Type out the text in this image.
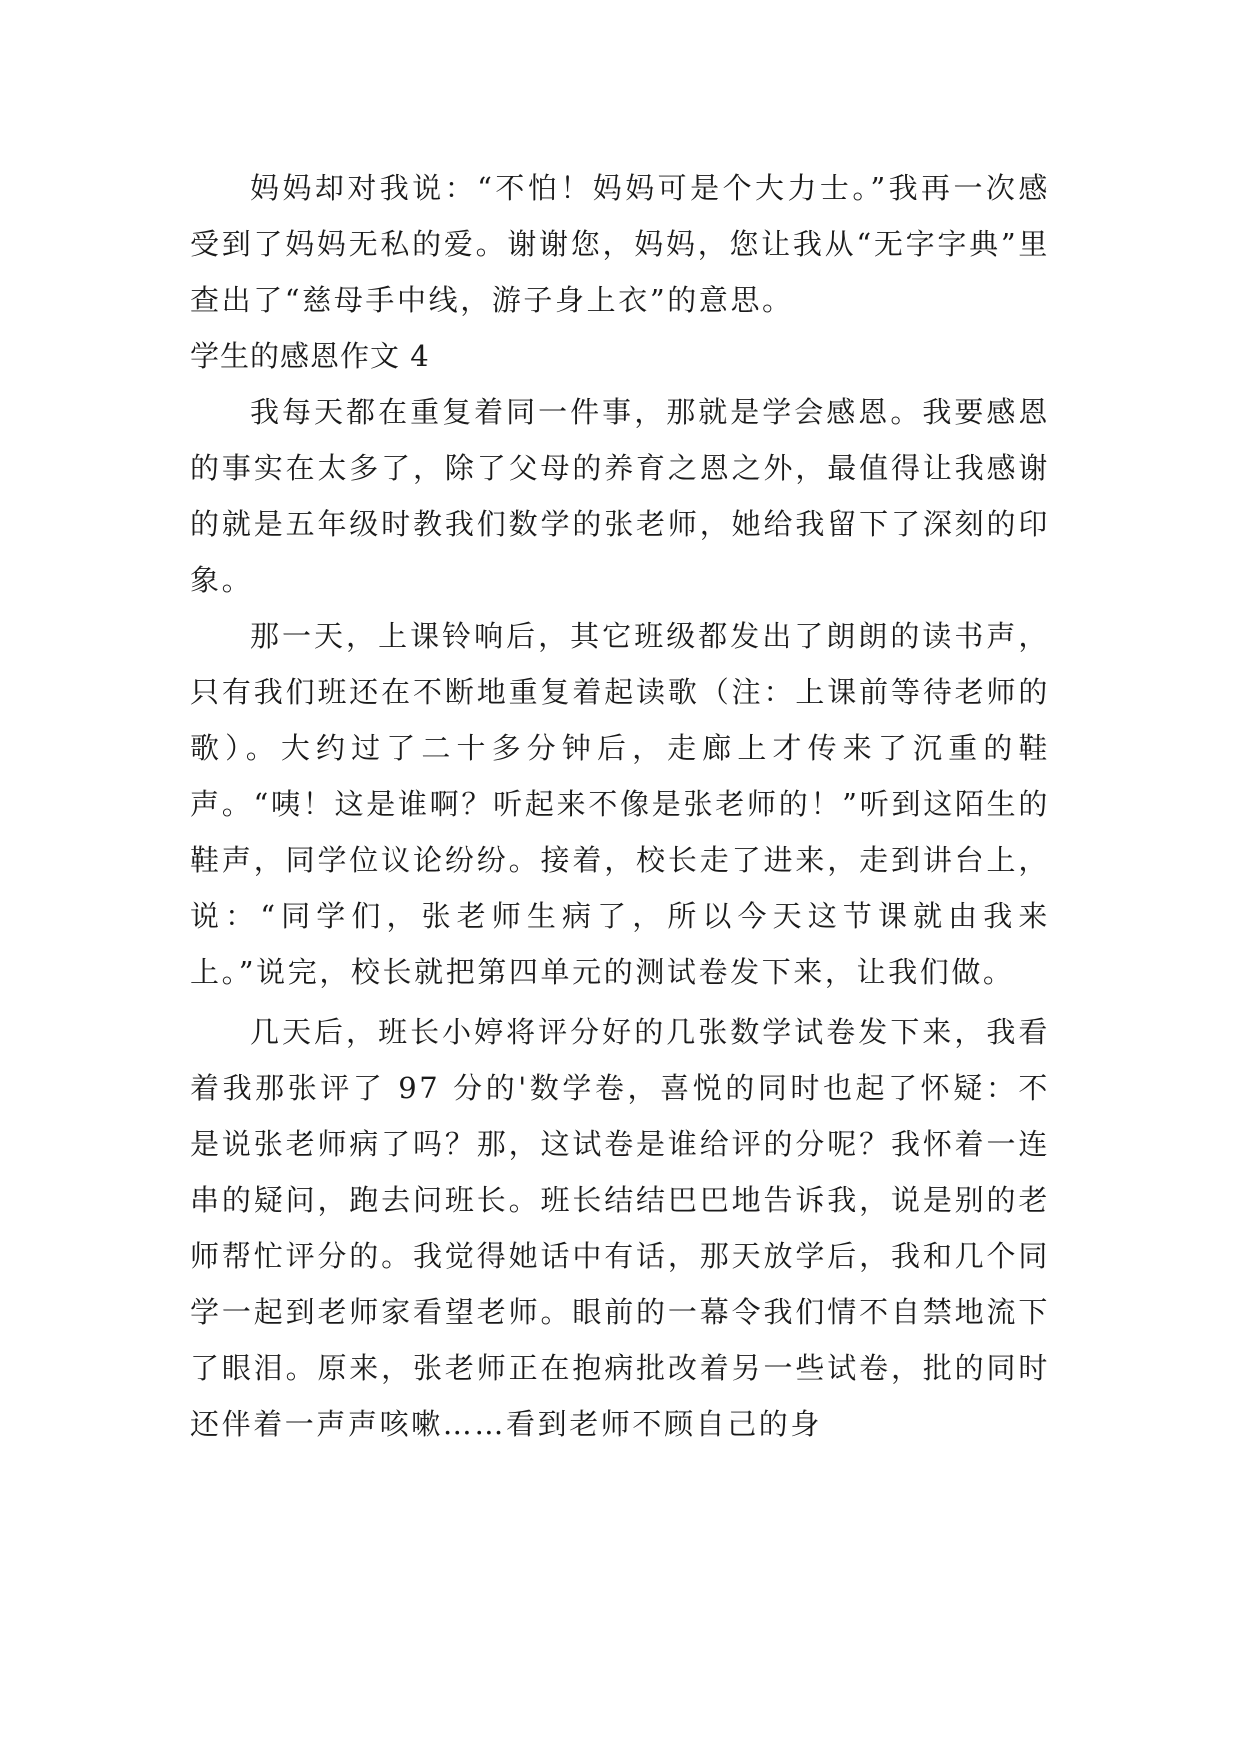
妈妈却对我说：“不怕！妈妈可是个大力士。”我再一次感受到了妈妈无私的爱。谢谢您，妈妈，您让我从“无字字典”里查出了“慈母手中线，游子身上衣”的意思。

学生的感恩作文 4

我每天都在重复着同一件事，那就是学会感恩。我要感恩的事实在太多了，除了父母的养育之恩之外，最值得让我感谢的就是五年级时教我们数学的张老师，她给我留下了深刻的印象。

那一天，上课铃响后，其它班级都发出了朗朗的读书声，只有我们班还在不断地重复着起读歌（注：上课前等待老师的歌）。大约过了二十多分钟后，走廊上才传来了沉重的鞋声。“咦！这是谁啊？听起来不像是张老师的！”听到这陌生的鞋声，同学位议论纷纷。接着，校长走了进来，走到讲台上，说：“同学们，张老师生病了，所以今天这节课就由我来上。”说完，校长就把第四单元的测试卷发下来，让我们做。

几天后，班长小婷将评分好的几张数学试卷发下来，我看着我那张评了 97 分的'数学卷，喜悦的同时也起了怀疑：不是说张老师病了吗？那，这试卷是谁给评的分呢？我怀着一连串的疑问，跑去问班长。班长结结巴巴地告诉我，说是别的老师帮忙评分的。我觉得她话中有话，那天放学后，我和几个同学一起到老师家看望老师。眼前的一幕令我们情不自禁地流下了眼泪。原来，张老师正在抱病批改着另一些试卷，批的同时还伴着一声声咳嗽……看到老师不顾自己的身
